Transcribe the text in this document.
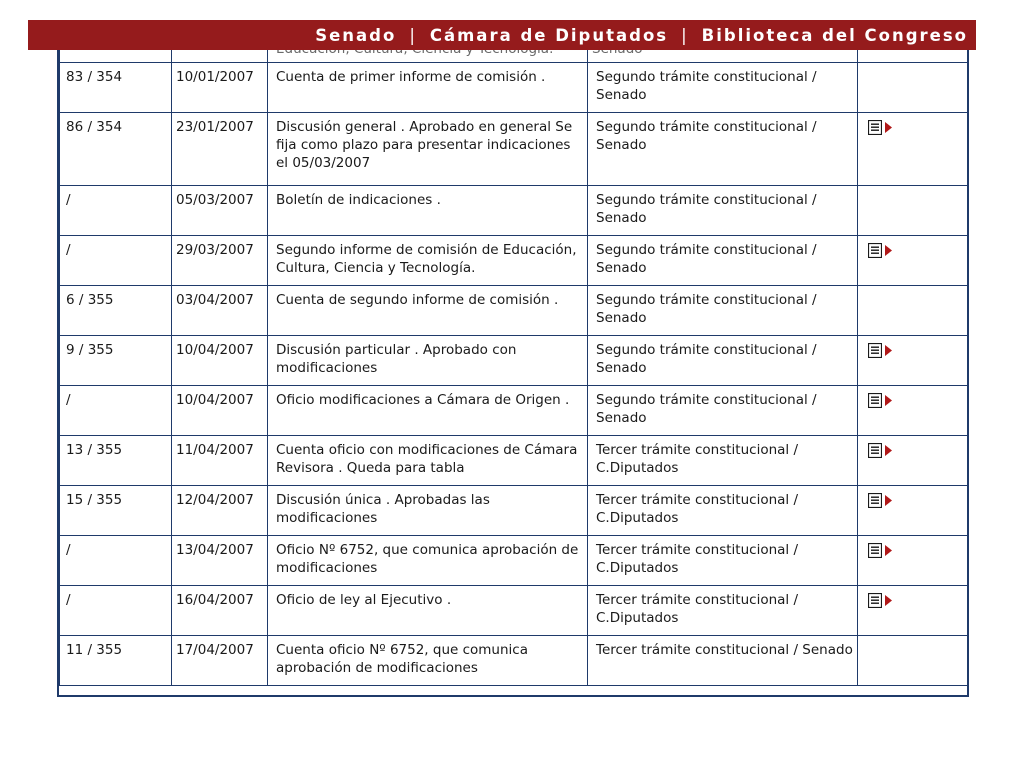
83 / 354	10/01/2007	Cuenta de primer informe de comisión .	Segundo trámite constitucional / Senado	

86 / 354	23/01/2007	Discusión general . Aprobado en general Se fija como plazo para presentar indicaciones el 05/03/2007	Segundo trámite constitucional / Senado

/	05/03/2007	Boletín de indicaciones .	Segundo trámite constitucional / Senado	

/	29/03/2007	Segundo informe de comisión de Educación, Cultura, Ciencia y Tecnología.	Segundo trámite constitucional / Senado

6 / 355	03/04/2007	Cuenta de segundo informe de comisión .	Segundo trámite constitucional / Senado	

9 / 355	10/04/2007	Discusión particular . Aprobado con modificaciones	Segundo trámite constitucional / Senado

/	10/04/2007	Oficio modificaciones a Cámara de Origen .	Segundo trámite constitucional / Senado

13 / 355	11/04/2007	Cuenta oficio con modificaciones de Cámara Revisora . Queda para tabla	Tercer trámite constitucional / C.Diputados

15 / 355	12/04/2007	Discusión única . Aprobadas las modificaciones	Tercer trámite constitucional / C.Diputados

/	13/04/2007	Oficio Nº 6752, que comunica aprobación de modificaciones	Tercer trámite constitucional / C.Diputados

/	16/04/2007	Oficio de ley al Ejecutivo .	Tercer trámite constitucional / C.Diputados

11 / 355	17/04/2007	Cuenta oficio Nº 6752, que comunica aprobación de modificaciones	Tercer trámite constitucional / Senado	

Senado | Cámara de Diputados | Biblioteca del Congreso
